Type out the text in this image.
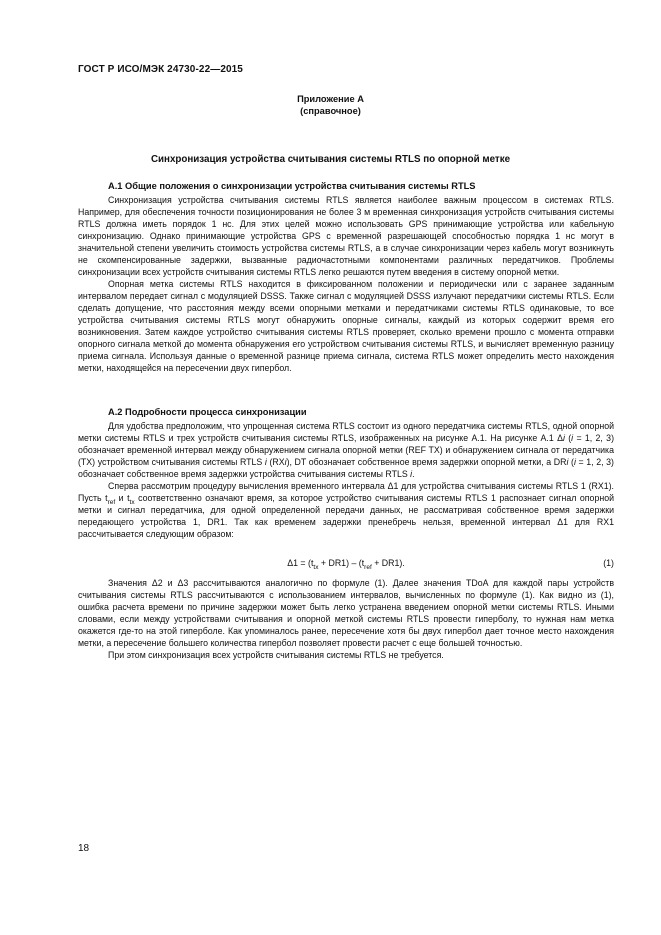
ГОСТ Р ИСО/МЭК 24730-22—2015
Приложение А
(справочное)
Синхронизация устройства считывания системы RTLS по опорной метке
А.1 Общие положения о синхронизации устройства считывания системы RTLS

Синхронизация устройства считывания системы RTLS является наиболее важным процессом в системах RTLS. Например, для обеспечения точности позиционирования не более 3 м временная синхронизация устройств считывания системы RTLS должна иметь порядок 1 нс. Для этих целей можно использовать GPS принимающие устройства или кабельную синхронизацию. Однако принимающие устройства GPS с временной разрешающей способностью порядка 1 нс могут в значительной степени увеличить стоимость устройства системы RTLS, а в случае синхронизации через кабель могут возникнуть не скомпенсированные задержки, вызванные радиочастотными компонентами различных передатчиков. Проблемы синхронизации всех устройств считывания системы RTLS легко решаются путем введения в систему опорной метки.

Опорная метка системы RTLS находится в фиксированном положении и периодически или с заранее заданным интервалом передает сигнал с модуляцией DSSS. Также сигнал с модуляцией DSSS излучают передатчики системы RTLS. Если сделать допущение, что расстояния между всеми опорными метками и передатчиками системы RTLS одинаковые, то все устройства считывания системы RTLS могут обнаружить опорные сигналы, каждый из которых содержит время его возникновения. Затем каждое устройство считывания системы RTLS проверяет, сколько времени прошло с момента отправки опорного сигнала меткой до момента обнаружения его устройством считывания системы RTLS, и вычисляет временную разницу приема сигнала. Используя данные о временной разнице приема сигнала, система RTLS может определить место нахождения метки, находящейся на пересечении двух гипербол.

А.2 Подробности процесса синхронизации

Для удобства предположим, что упрощенная система RTLS состоит из одного передатчика системы RTLS, одной опорной метки системы RTLS и трех устройств считывания системы RTLS, изображенных на рисунке А.1. На рисунке А.1 Δi (i = 1, 2, 3) обозначает временной интервал между обнаружением сигнала опорной метки (REF TX) и обнаружением сигнала от передатчика (TX) устройством считывания системы RTLS i (RXi), DT обозначает собственное время задержки опорной метки, а DRi (i = 1, 2, 3) обозначает собственное время задержки устройства считывания системы RTLS i.

Сперва рассмотрим процедуру вычисления временного интервала Δ1 для устройства считывания системы RTLS 1 (RX1). Пусть $t_{ref}$ и $t_{tx}$ соответственно означают время, за которое устройство считывания системы RTLS 1 распознает сигнал опорной метки и сигнал передатчика, для одной определенной передачи данных, не рассматривая собственное время задержки передающего устройства 1, DR1. Так как временем задержки пренебречь нельзя, временной интервал Δ1 для RX1 рассчитывается следующим образом:

$\Delta 1 = (t_{tx} + DR1) - (t_{ref} + DR1)$.	(1)

Значения Δ2 и Δ3 рассчитываются аналогично по формуле (1). Далее значения TDoA для каждой пары устройств считывания системы RTLS рассчитываются с использованием интервалов, вычисленных по формуле (1). Как видно из (1), ошибка расчета времени по причине задержки может быть легко устранена введением опорной метки системы RTLS. Иными словами, если между устройствами считывания и опорной меткой системы RTLS провести гиперболу, то нужная нам метка окажется где-то на этой гиперболе. Как упоминалось ранее, пересечение хотя бы двух гипербол дает точное место нахождения метки, а пересечение большего количества гипербол позволяет провести расчет с еще большей точностью.

При этом синхронизация всех устройств считывания системы RTLS не требуется.

18
